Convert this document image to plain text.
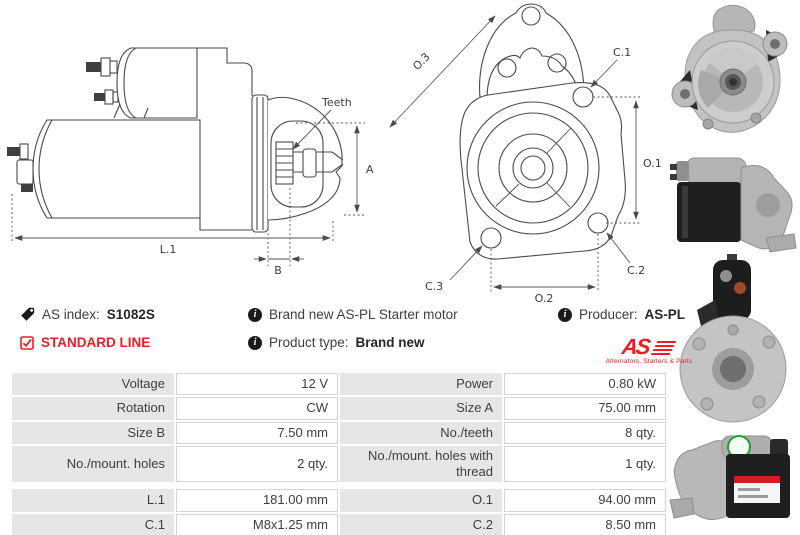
Teeth
A
L.1
B
O.3	C.1
O.1
C.2
C.3
O.2
AS index: S1082S
STANDARD LINE
i Brand new AS-PL Starter motor
i Product type: Brand new
i Producer: AS-PL
AS
Alternators, Starters & Parts
Voltage	12 V	Power	0.80 kW
Rotation	CW	Size A	75.00 mm
Size B	7.50 mm	No./teeth	8 qty.
No./mount. holes	2 qty.	No./mount. holes with thread	1 qty.

L.1	181.00 mm	O.1	94.00 mm
C.1	M8x1.25 mm	C.2	8.50 mm
